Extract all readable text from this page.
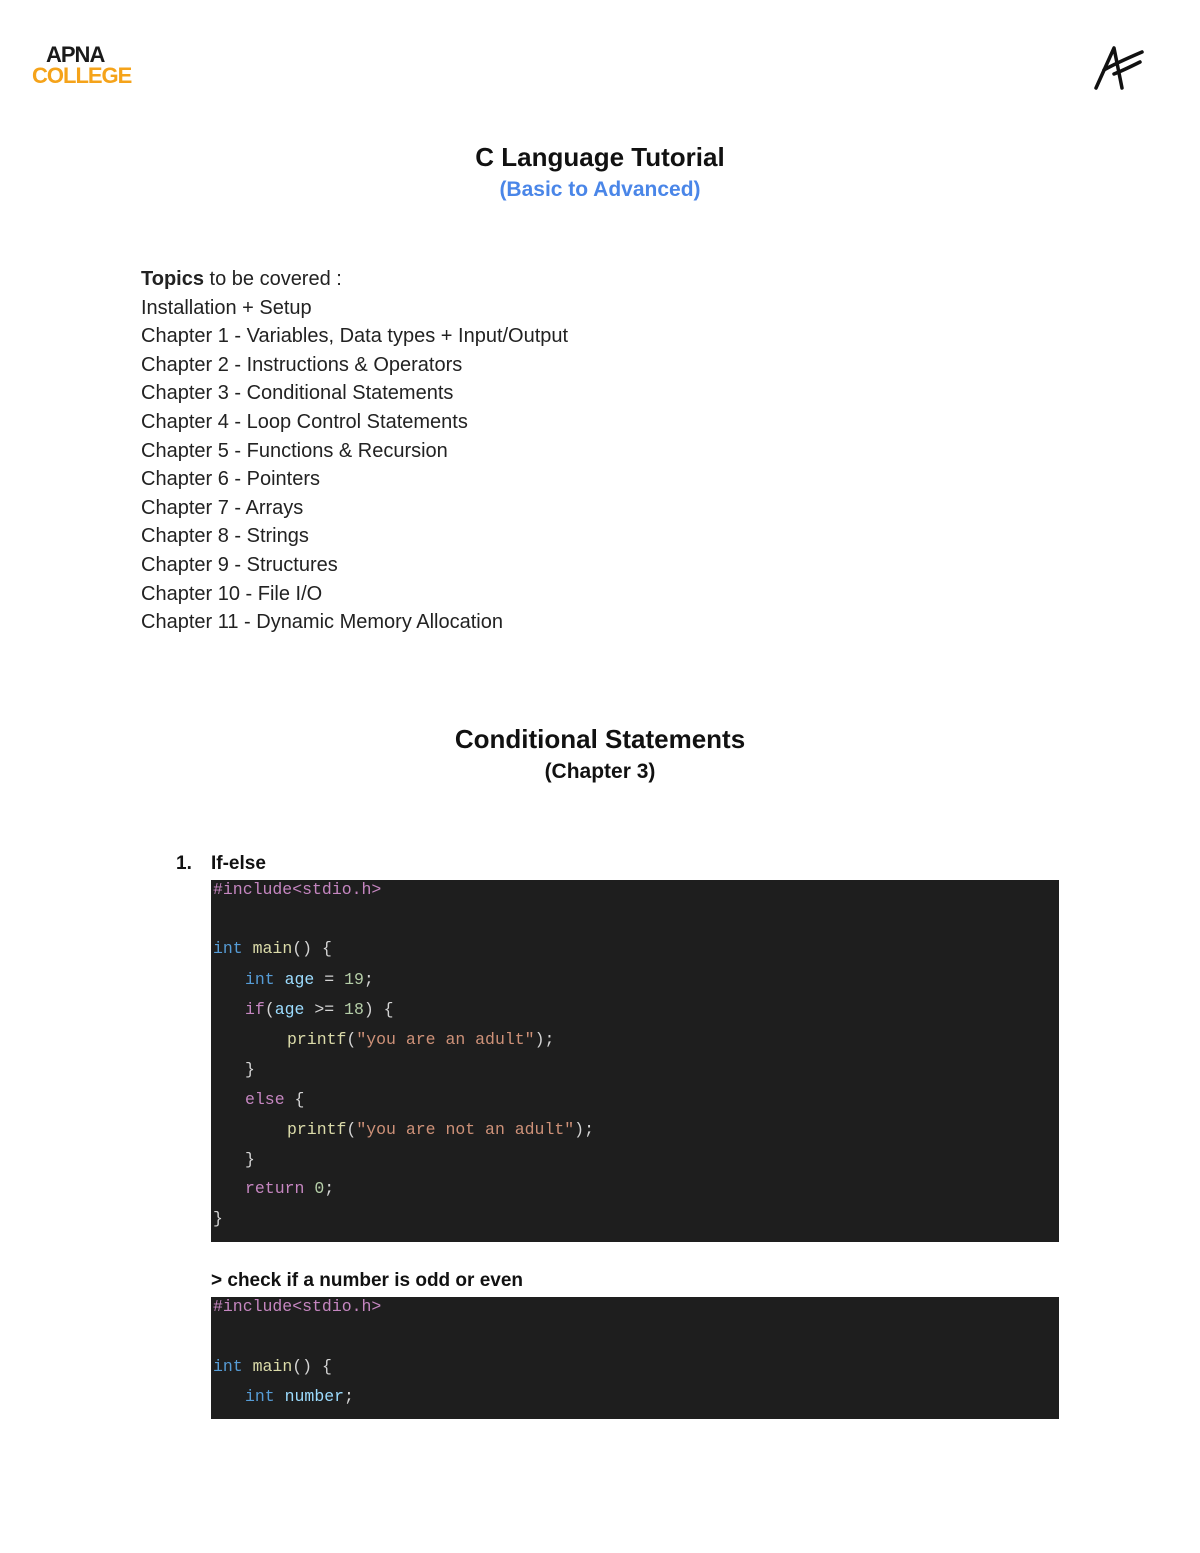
APNA
COLLEGE
C Language Tutorial
(Basic to Advanced)
Topics to be covered :
Installation + Setup
Chapter 1 - Variables, Data types + Input/Output
Chapter 2 - Instructions & Operators
Chapter 3 - Conditional Statements
Chapter 4 - Loop Control Statements
Chapter 5 - Functions & Recursion
Chapter 6 - Pointers
Chapter 7 - Arrays
Chapter 8 - Strings
Chapter 9 - Structures
Chapter 10 - File I/O
Chapter 11 - Dynamic Memory Allocation
Conditional Statements
(Chapter 3)
1. If-else
#include<stdio.h>
int main() {
int age = 19;
if(age >= 18) {
printf("you are an adult");
}
else {
printf("you are not an adult");
}
return 0;
}
> check if a number is odd or even
#include<stdio.h>
int main() {
int number;
